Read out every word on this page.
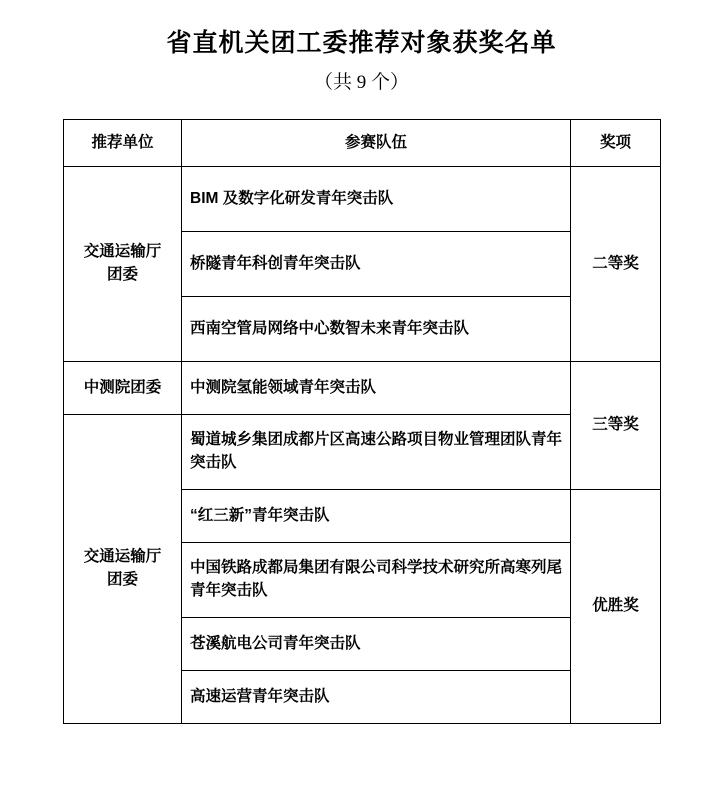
省直机关团工委推荐对象获奖名单
（共 9 个）
推荐单位	参赛队伍	奖项
交通运输厅
团委	BIM 及数字化研发青年突击队	二等奖
	桥隧青年科创青年突击队	
	西南空管局网络中心数智未来青年突击队	
中测院团委	中测院氢能领域青年突击队	三等奖
交通运输厅
团委	蜀道城乡集团成都片区高速公路项目物业管理团队青年突击队	
	“红三新”青年突击队	优胜奖
	中国铁路成都局集团有限公司科学技术研究所高寒列尾青年突击队	
	苍溪航电公司青年突击队	
	高速运营青年突击队	
